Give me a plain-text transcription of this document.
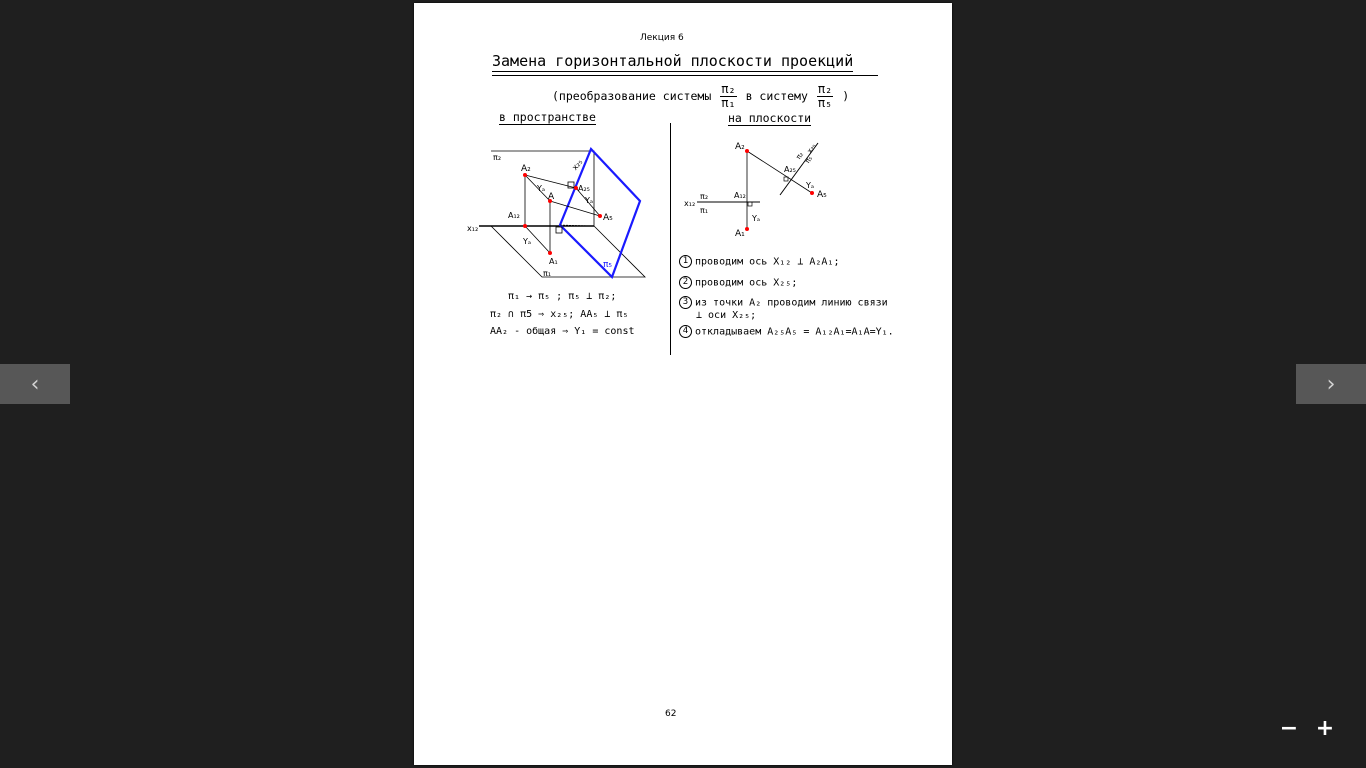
‹	›
Лекция 6
Замена горизонтальной плоскости проекций
(преобразование системы $\frac{\text{π₂}}{\text{π₁}}$ в систему $\frac{\text{π₂}}{\text{π₅}}$ )
в пространстве	на плоскости
π₂
A₂
Yₐ
A
x₂₅
A₂₅
Yₐ
A₅
A₁₂
x₁₂
Yₐ
A₁
π₁
π₅
A₂
A₂₅
x₂₅
π₂
π₅
Yₐ
A₅
x₁₂
π₂
π₁
A₁₂
Yₐ
A₁
π₁ → π₅ ; π₅ ⊥ π₂;
π₂ ∩ π5 ⇒ x₂₅; AA₅ ⊥ π₅
AA₂ - общая ⇒ Y₁ = const
1 проводим ось X₁₂ ⊥ A₂A₁;
2 проводим ось X₂₅;
3 из точки A₂ проводим линию связи
⊥ оси X₂₅;
4 откладываем A₂₅A₅ = A₁₂A₁=A₁A=Y₁.
62
− +
